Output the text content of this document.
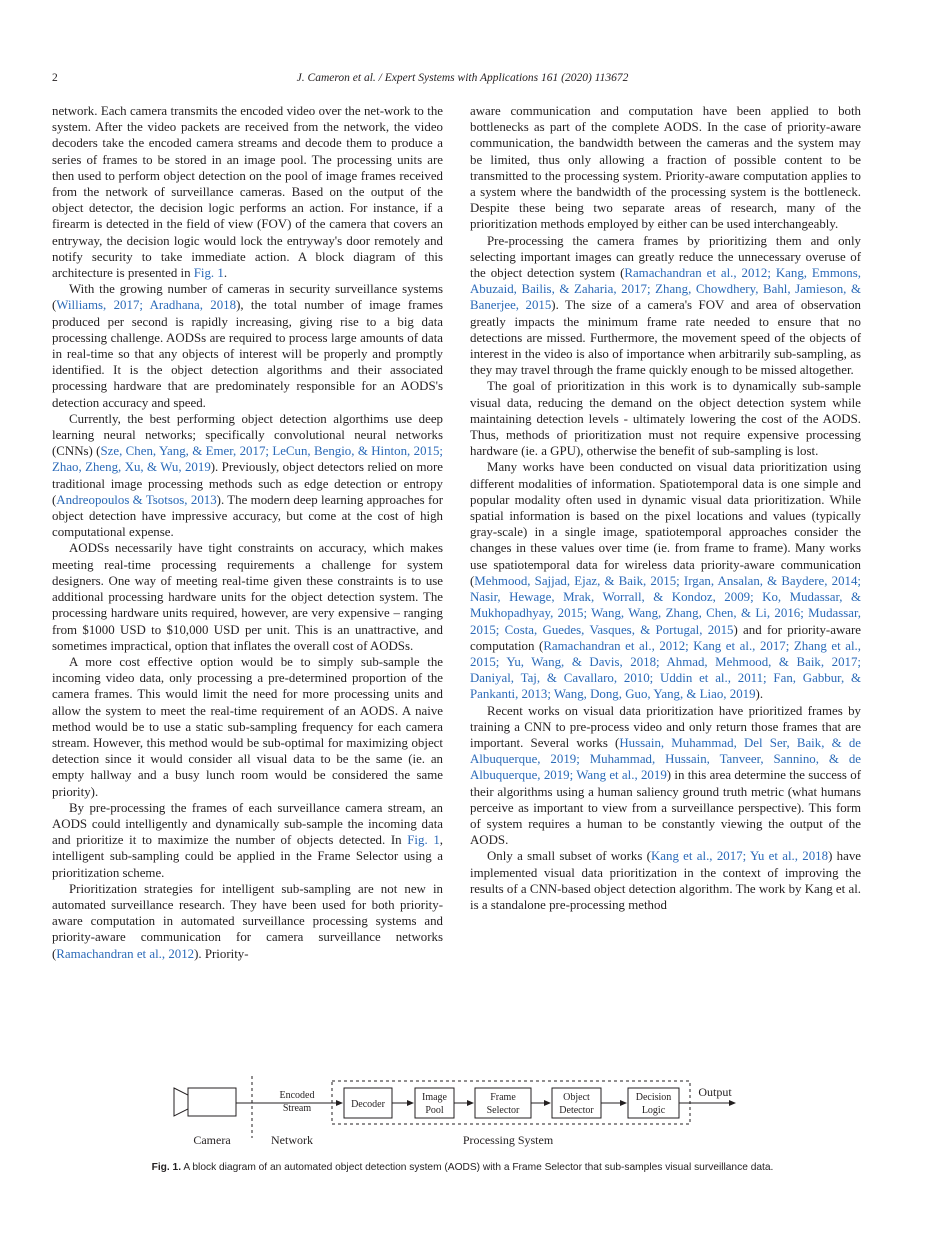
2	J. Cameron et al. / Expert Systems with Applications 161 (2020) 113672

network. Each camera transmits the encoded video over the net-work to the system. After the video packets are received from the network, the video decoders take the encoded camera streams and decode them to produce a series of frames to be stored in an image pool. The processing units are then used to perform object detection on the pool of image frames received from the network of surveillance cameras. Based on the output of the object detector, the decision logic performs an action. For instance, if a firearm is detected in the field of view (FOV) of the camera that covers an entryway, the decision logic would lock the entryway's door remotely and notify security to take immediate action. A block diagram of this architecture is presented in Fig. 1.

With the growing number of cameras in security surveillance systems (Williams, 2017; Aradhana, 2018), the total number of image frames produced per second is rapidly increasing, giving rise to a big data processing challenge. AODSs are required to process large amounts of data in real-time so that any objects of interest will be properly and promptly identified. It is the object detection algorithms and their associated processing hardware that are predominately responsible for an AODS's detection accuracy and speed.

Currently, the best performing object detection algorthims use deep learning neural networks; specifically convolutional neural networks (CNNs) (Sze, Chen, Yang, & Emer, 2017; LeCun, Bengio, & Hinton, 2015; Zhao, Zheng, Xu, & Wu, 2019). Previously, object detectors relied on more traditional image processing methods such as edge detection or entropy (Andreopoulos & Tsotsos, 2013). The modern deep learning approaches for object detection have impressive accuracy, but come at the cost of high computational expense.

AODSs necessarily have tight constraints on accuracy, which makes meeting real-time processing requirements a challenge for system designers. One way of meeting real-time given these constraints is to use additional processing hardware units for the object detection system. The processing hardware units required, however, are very expensive – ranging from $1000 USD to $10,000 USD per unit. This is an unattractive, and sometimes impractical, option that inflates the overall cost of AODSs.

A more cost effective option would be to simply sub-sample the incoming video data, only processing a pre-determined proportion of the camera frames. This would limit the need for more processing units and allow the system to meet the real-time requirement of an AODS. A naive method would be to use a static sub-sampling frequency for each camera stream. However, this method would be sub-optimal for maximizing object detection since it would consider all visual data to be the same (ie. an empty hallway and a busy lunch room would be considered the same priority).

By pre-processing the frames of each surveillance camera stream, an AODS could intelligently and dynamically sub-sample the incoming data and prioritize it to maximize the number of objects detected. In Fig. 1, intelligent sub-sampling could be applied in the Frame Selector using a prioritization scheme.

Prioritization strategies for intelligent sub-sampling are not new in automated surveillance research. They have been used for both priority-aware computation in automated surveillance processing systems and priority-aware communication for camera surveillance networks (Ramachandran et al., 2012). Priority-

aware communication and computation have been applied to both bottlenecks as part of the complete AODS. In the case of priority-aware communication, the bandwidth between the cameras and the system may be limited, thus only allowing a fraction of possible content to be transmitted to the processing system. Priority-aware computation applies to a system where the bandwidth of the processing system is the bottleneck. Despite these being two separate areas of research, many of the prioritization methods employed by either can be used interchangeably.

Pre-processing the camera frames by prioritizing them and only selecting important images can greatly reduce the unnecessary overuse of the object detection system (Ramachandran et al., 2012; Kang, Emmons, Abuzaid, Bailis, & Zaharia, 2017; Zhang, Chowdhery, Bahl, Jamieson, & Banerjee, 2015). The size of a camera's FOV and area of observation greatly impacts the minimum frame rate needed to ensure that no detections are missed. Furthermore, the movement speed of the objects of interest in the video is also of importance when arbitrarily sub-sampling, as they may travel through the frame quickly enough to be missed altogether.

The goal of prioritization in this work is to dynamically sub-sample visual data, reducing the demand on the object detection system while maintaining detection levels - ultimately lowering the cost of the AODS. Thus, methods of prioritization must not require expensive processing hardware (ie. a GPU), otherwise the benefit of sub-sampling is lost.

Many works have been conducted on visual data prioritization using different modalities of information. Spatiotemporal data is one simple and popular modality often used in dynamic visual data prioritization. While spatial information is based on the pixel locations and values (typically gray-scale) in a single image, spatiotemporal approaches consider the changes in these values over time (ie. from frame to frame). Many works use spatiotemporal data for wireless data priority-aware communication (Mehmood, Sajjad, Ejaz, & Baik, 2015; Irgan, Ansalan, & Baydere, 2014; Nasir, Hewage, Mrak, Worrall, & Kondoz, 2009; Ko, Mudassar, & Mukhopadhyay, 2015; Wang, Wang, Zhang, Chen, & Li, 2016; Mudassar, 2015; Costa, Guedes, Vasques, & Portugal, 2015) and for priority-aware computation (Ramachandran et al., 2012; Kang et al., 2017; Zhang et al., 2015; Yu, Wang, & Davis, 2018; Ahmad, Mehmood, & Baik, 2017; Daniyal, Taj, & Cavallaro, 2010; Uddin et al., 2011; Fan, Gabbur, & Pankanti, 2013; Wang, Dong, Guo, Yang, & Liao, 2019).

Recent works on visual data prioritization have prioritized frames by training a CNN to pre-process video and only return those frames that are important. Several works (Hussain, Muhammad, Del Ser, Baik, & de Albuquerque, 2019; Muhammad, Hussain, Tanveer, Sannino, & de Albuquerque, 2019; Wang et al., 2019) in this area determine the success of their algorithms using a human saliency ground truth metric (what humans perceive as important to view from a surveillance perspective). This form of system requires a human to be constantly viewing the output of the AODS.

Only a small subset of works (Kang et al., 2017; Yu et al., 2018) have implemented visual data prioritization in the context of improving the results of a CNN-based object detection algorithm. The work by Kang et al. is a standalone pre-processing method

Decoder
Image
Pool
Frame
Selector
Object
Detector
Decision
Logic
Encoded
Stream
Output
Camera	Network	Processing System
Fig. 1. A block diagram of an automated object detection system (AODS) with a Frame Selector that sub-samples visual surveillance data.
